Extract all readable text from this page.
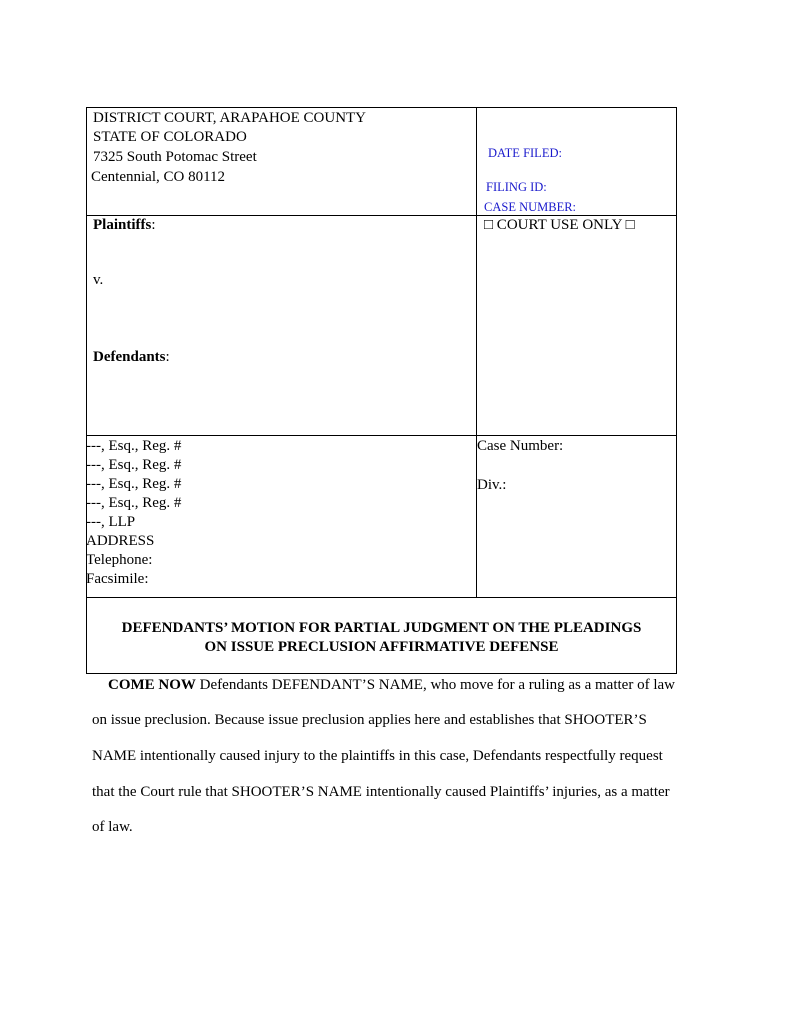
DISTRICT COURT, ARAPAHOE COUNTY
STATE OF COLORADO
7325 South Potomac Street
Centennial, CO 80112
DATE FILED:
FILING ID:
CASE NUMBER:
Plaintiffs:
v.
Defendants:
□ COURT USE ONLY □
---, Esq., Reg. #
---, Esq., Reg. #
---, Esq., Reg. #
---, Esq., Reg. #
---, LLP
ADDRESS
Telephone:
Facsimile:
Case Number:
Div.:
DEFENDANTS’ MOTION FOR PARTIAL JUDGMENT ON THE PLEADINGS
ON ISSUE PRECLUSION AFFIRMATIVE DEFENSE
COME NOW Defendants DEFENDANT’S NAME, who move for a ruling as a matter of law
on issue preclusion. Because issue preclusion applies here and establishes that SHOOTER’S
NAME intentionally caused injury to the plaintiffs in this case, Defendants respectfully request
that the Court rule that SHOOTER’S NAME intentionally caused Plaintiffs’ injuries, as a matter
of law.
